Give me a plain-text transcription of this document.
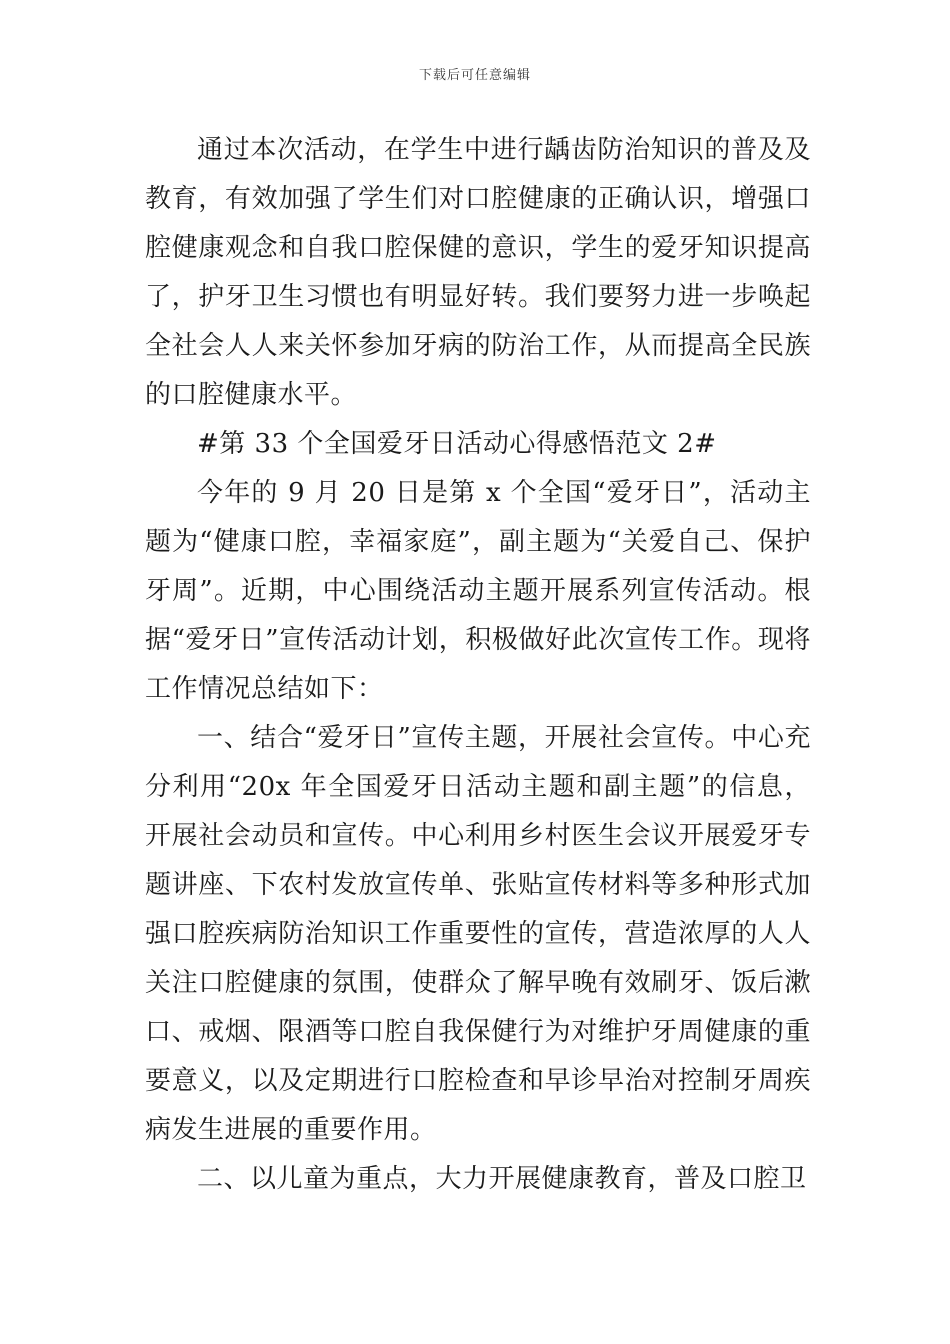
下载后可任意编辑

通过本次活动，在学生中进行龋齿防治知识的普及及教育，有效加强了学生们对口腔健康的正确认识，增强口腔健康观念和自我口腔保健的意识，学生的爱牙知识提高了，护牙卫生习惯也有明显好转。我们要努力进一步唤起全社会人人来关怀参加牙病的防治工作，从而提高全民族的口腔健康水平。

#第 33 个全国爱牙日活动心得感悟范文 2#

今年的 9 月 20 日是第 x 个全国“爱牙日”，活动主题为“健康口腔，幸福家庭”，副主题为“关爱自己、保护牙周”。近期，中心围绕活动主题开展系列宣传活动。根据“爱牙日”宣传活动计划，积极做好此次宣传工作。现将工作情况总结如下：

一、结合“爱牙日”宣传主题，开展社会宣传。中心充分利用“20x 年全国爱牙日活动主题和副主题”的信息，开展社会动员和宣传。中心利用乡村医生会议开展爱牙专题讲座、下农村发放宣传单、张贴宣传材料等多种形式加强口腔疾病防治知识工作重要性的宣传，营造浓厚的人人关注口腔健康的氛围，使群众了解早晚有效刷牙、饭后漱口、戒烟、限酒等口腔自我保健行为对维护牙周健康的重要意义，以及定期进行口腔检查和早诊早治对控制牙周疾病发生进展的重要作用。

二、以儿童为重点，大力开展健康教育，普及口腔卫
